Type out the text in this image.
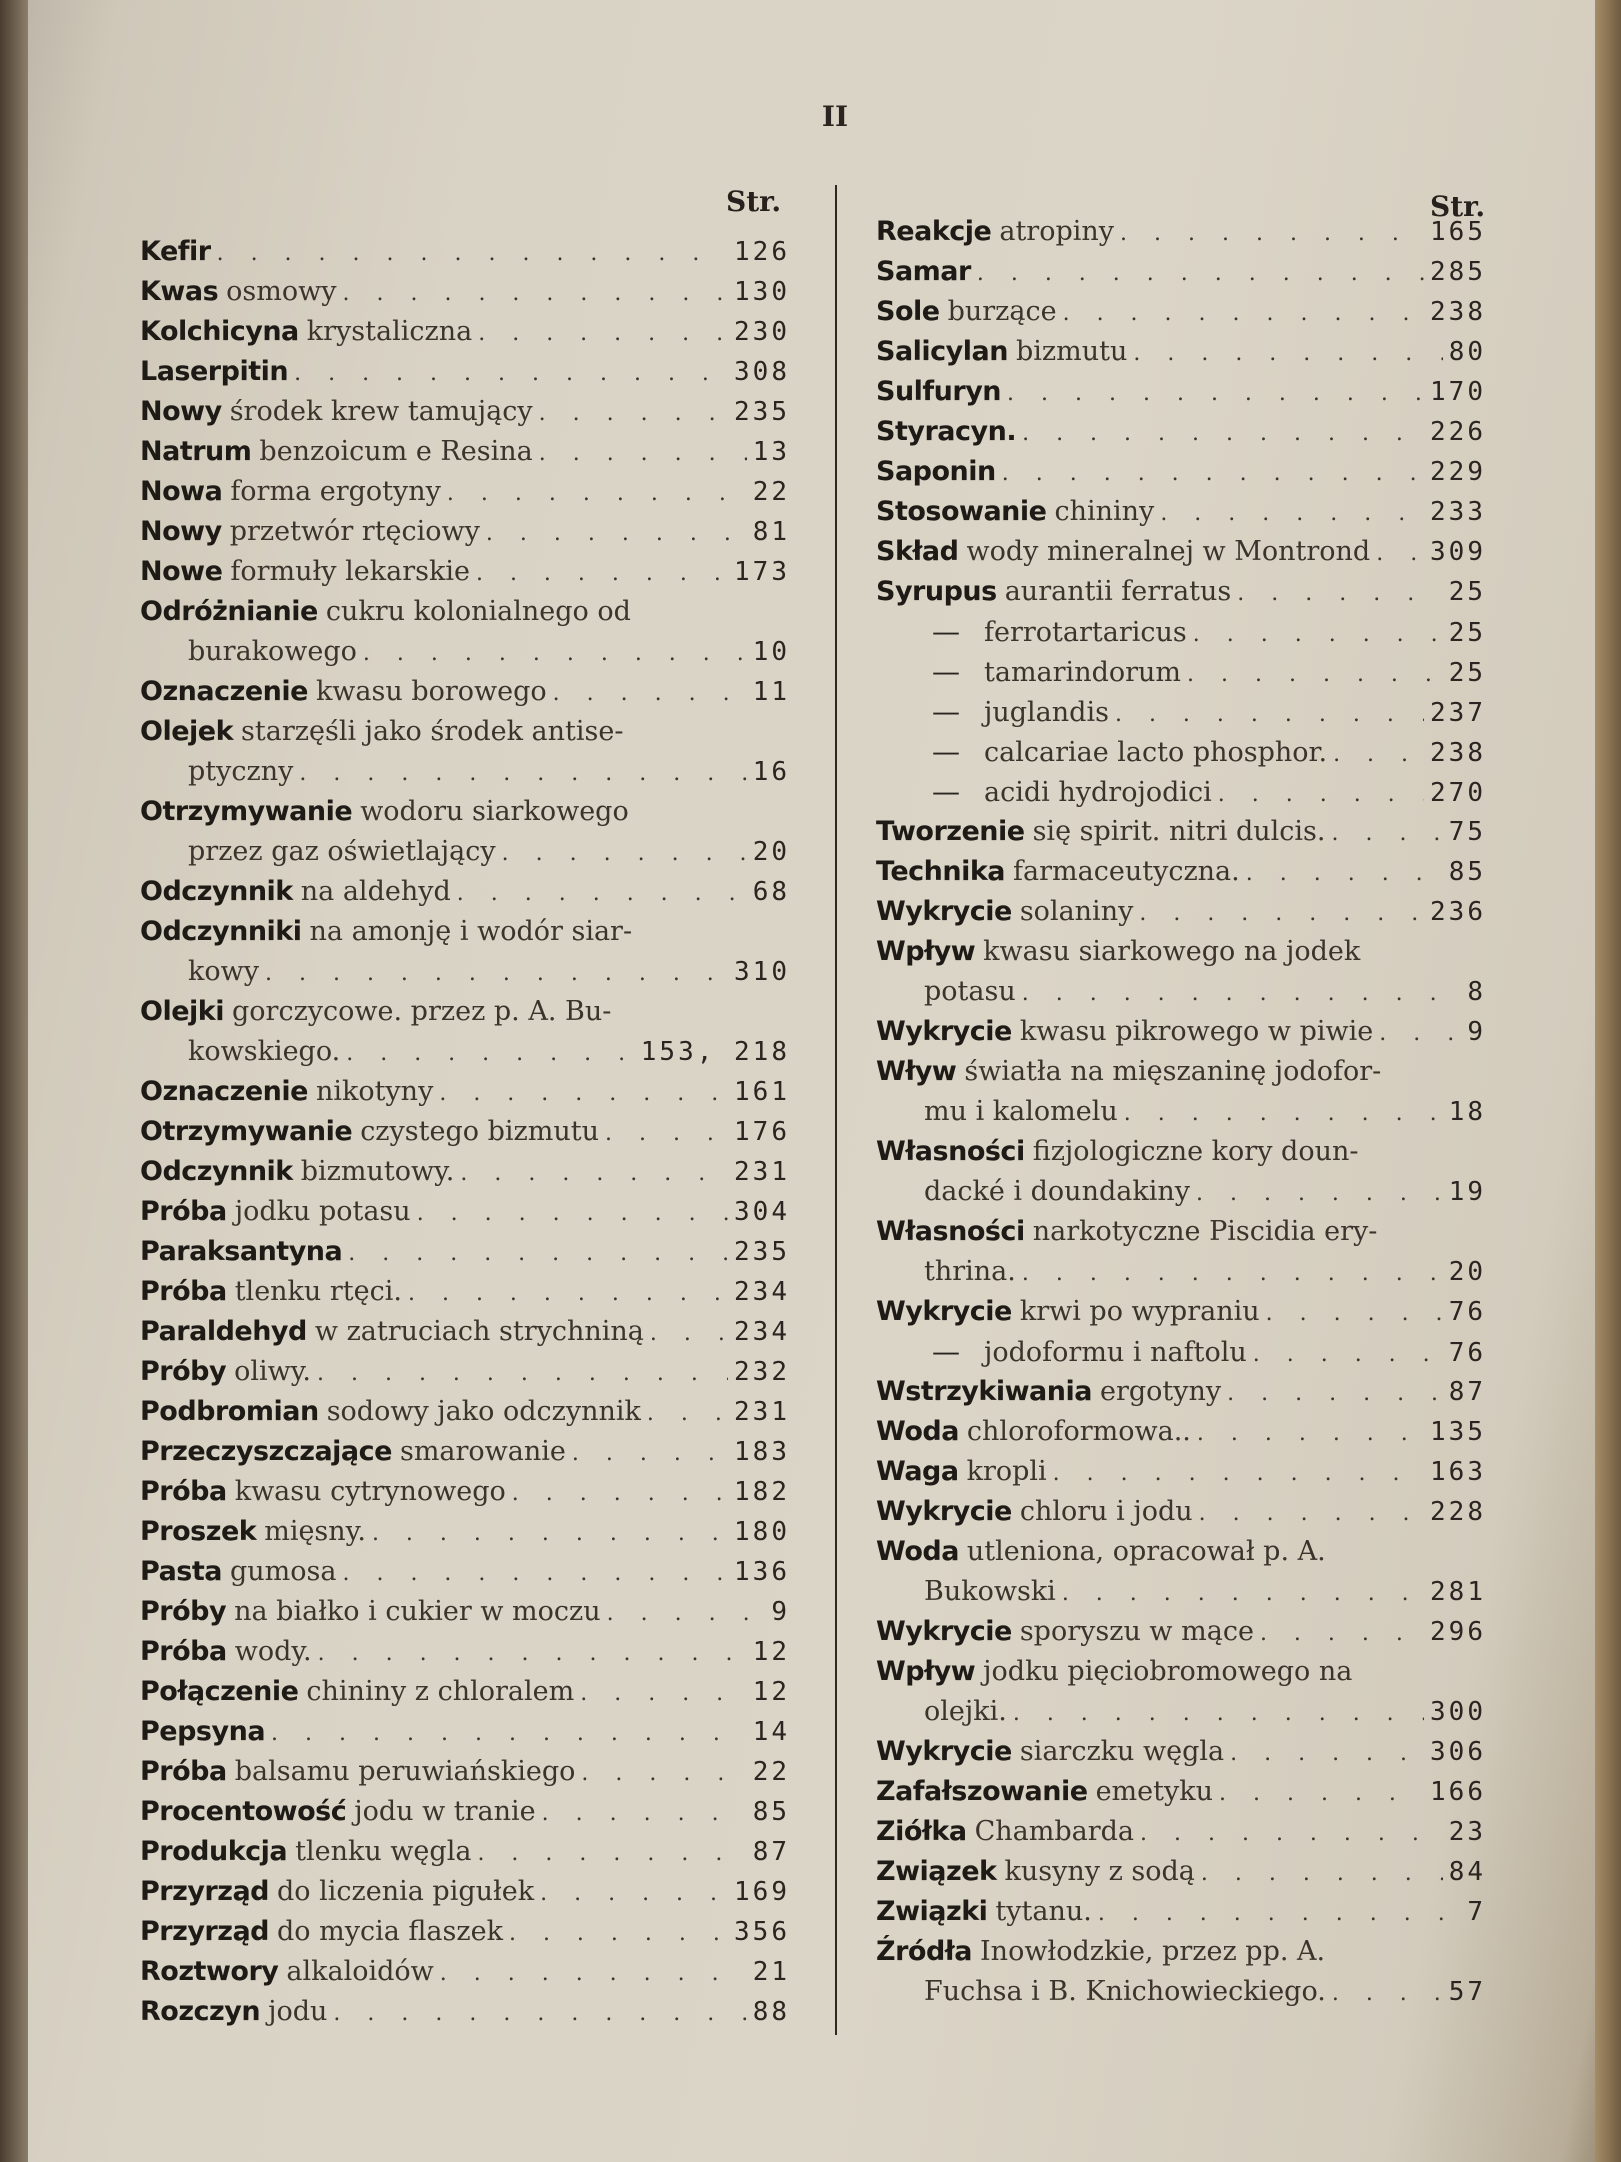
II
Str.	Str.
Kefir . . .	126
Kwas osmowy . . .	130
Kolchicyna krystaliczna . . .	230
Laserpitin . . .	308
Nowy środek krew tamujący . . .	235
Natrum benzoicum e Resina . . .	13
Nowa forma ergotyny . . .	22
Nowy przetwór rtęciowy . . .	81
Nowe formuły lekarskie . . .	173
Odróżnianie cukru kolonialnego od
burakowego . . .	10
Oznaczenie kwasu borowego . . .	11
Olejek starzęśli jako środek antise-
ptyczny . . .	16
Otrzymywanie wodoru siarkowego
przez gaz oświetlający . . .	20
Odczynnik na aldehyd . . .	68
Odczynniki na amonję i wodór siar-
kowy . . .	310
Olejki gorczycowe. przez p. A. Bu-
kowskiego. . . .	153, 218
Oznaczenie nikotyny . . .	161
Otrzymywanie czystego bizmutu . . .	176
Odczynnik bizmutowy. . . .	231
Próba jodku potasu . . .	304
Paraksantyna . . .	235
Próba tlenku rtęci. . . .	234
Paraldehyd w zatruciach strychniną . . .	234
Próby oliwy. . . .	232
Podbromian sodowy jako odczynnik . . .	231
Przeczyszczające smarowanie . . .	183
Próba kwasu cytrynowego . . .	182
Proszek mięsny. . . .	180
Pasta gumosa . . .	136
Próby na białko i cukier w moczu . . .	9
Próba wody. . . .	12
Połączenie chininy z chloralem . . .	12
Pepsyna . . .	14
Próba balsamu peruwiańskiego . . .	22
Procentowość jodu w tranie . . .	85
Produkcja tlenku węgla . . .	87
Przyrząd do liczenia pigułek . . .	169
Przyrząd do mycia flaszek . . .	356
Roztwory alkaloidów . . .	21
Rozczyn jodu . . .	88
Reakcje atropiny . . .	165
Samar . . .	285
Sole burzące . . .	238
Salicylan bizmutu . . .	80
Sulfuryn . . .	170
Styracyn. . . .	226
Saponin . . .	229
Stosowanie chininy . . .	233
Skład wody mineralnej w Montrond . . . 309
Syrupus aurantii ferratus . . .	25
— ferrotartaricus . . .	25
— tamarindorum . . .	25
— juglandis . . .	237
— calcariae lacto phosphor. . . .	238
— acidi hydrojodici . . .	270
Tworzenie się spirit. nitri dulcis. . . .	75
Technika farmaceutyczna. . . .	85
Wykrycie solaniny . . .	236
Wpływ kwasu siarkowego na jodek
potasu . . .	8
Wykrycie kwasu pikrowego w piwie . . .	9
Wływ światła na mięszaninę jodofor-
mu i kalomelu . . .	18
Własności fizjologiczne kory doun-
dacké i doundakiny . . .	19
Własności narkotyczne Piscidia ery-
thrina. . . .	20
Wykrycie krwi po wypraniu . . .	76
— jodoformu i naftolu . . .	76
Wstrzykiwania ergotyny . . .	87
Woda chloroformowa.. . . .	135
Waga kropli . . .	163
Wykrycie chloru i jodu . . .	228
Woda utleniona, opracował p. A.
Bukowski . . .	281
Wykrycie sporyszu w mące . . .	296
Wpływ jodku pięciobromowego na
olejki. . . .	300
Wykrycie siarczku węgla . . .	306
Zafałszowanie emetyku . . .	166
Ziółka Chambarda . . .	23
Związek kusyny z sodą . . .	84
Związki tytanu. . . .	7
Źródła Inowłodzkie, przez pp. A.
Fuchsa i B. Knichowieckiego. . . .	57
